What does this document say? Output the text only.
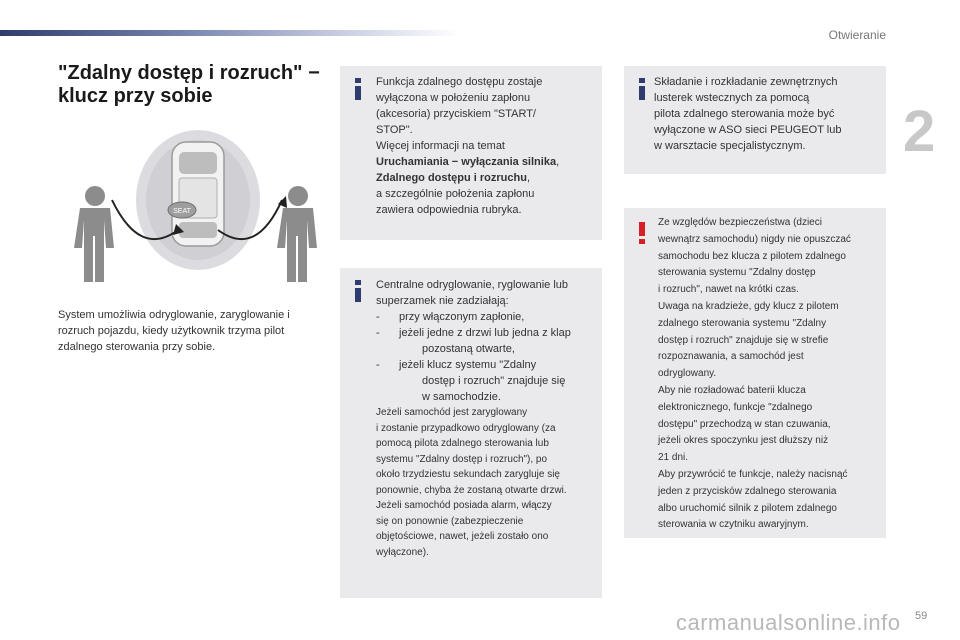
Otwieranie
2
"Zdalny dostęp i rozruch" −
klucz przy sobie
SEAT
System umożliwia odryglowanie, zaryglowanie i rozruch pojazdu, kiedy użytkownik trzyma pilot zdalnego sterowania przy sobie.
Funkcja zdalnego dostępu zostaje
wyłączona w położeniu zapłonu
(akcesoria) przyciskiem "START/
STOP".
Więcej informacji na temat
Uruchamiania − wyłączania silnika,
Zdalnego dostępu i rozruchu,
a szczególnie położenia zapłonu
zawiera odpowiednia rubryka.
Centralne odryglowanie, ryglowanie lub
superzamek nie zadziałają:
- przy włączonym zapłonie,
- jeżeli jedne z drzwi lub jedna z klap
pozostaną otwarte,
- jeżeli klucz systemu "Zdalny
dostęp i rozruch" znajduje się
w samochodzie.
Jeżeli samochód jest zaryglowany
i zostanie przypadkowo odryglowany (za
pomocą pilota zdalnego sterowania lub
systemu "Zdalny dostęp i rozruch"), po
około trzydziestu sekundach zarygluje się
ponownie, chyba że zostaną otwarte drzwi.
Jeżeli samochód posiada alarm, włączy
się on ponownie (zabezpieczenie
objętościowe, nawet, jeżeli zostało ono
wyłączone).
Składanie i rozkładanie zewnętrznych
lusterek wstecznych za pomocą
pilota zdalnego sterowania może być
wyłączone w ASO sieci PEUGEOT lub
w warsztacie specjalistycznym.
Ze względów bezpieczeństwa (dzieci
wewnątrz samochodu) nigdy nie opuszczać
samochodu bez klucza z pilotem zdalnego
sterowania systemu "Zdalny dostęp
i rozruch", nawet na krótki czas.
Uwaga na kradzieże, gdy klucz z pilotem
zdalnego sterowania systemu "Zdalny
dostęp i rozruch" znajduje się w strefie
rozpoznawania, a samochód jest
odryglowany.
Aby nie rozładować baterii klucza
elektronicznego, funkcje "zdalnego
dostępu" przechodzą w stan czuwania,
jeżeli okres spoczynku jest dłuższy niż
21 dni.
Aby przywrócić te funkcje, należy nacisnąć
jeden z przycisków zdalnego sterowania
albo uruchomić silnik z pilotem zdalnego
sterowania w czytniku awaryjnym.
carmanualsonline.info 59
